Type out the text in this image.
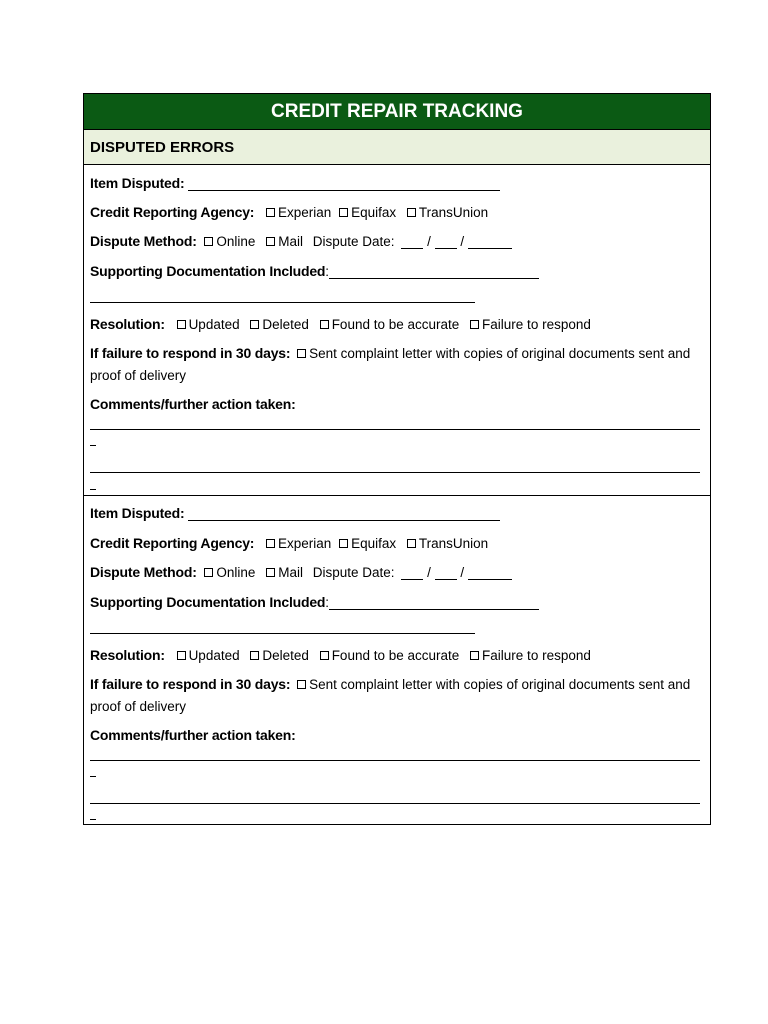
CREDIT REPAIR TRACKING
DISPUTED ERRORS
Item Disputed:
Credit Reporting Agency: Experian Equifax TransUnion
Dispute Method: Online Mail Dispute Date: / /
Supporting Documentation Included:
Resolution: Updated Deleted Found to be accurate Failure to respond
If failure to respond in 30 days: Sent complaint letter with copies of original documents sent and proof of delivery
Comments/further action taken:
Item Disputed:
Credit Reporting Agency: Experian Equifax TransUnion
Dispute Method: Online Mail Dispute Date: / /
Supporting Documentation Included:
Resolution: Updated Deleted Found to be accurate Failure to respond
If failure to respond in 30 days: Sent complaint letter with copies of original documents sent and proof of delivery
Comments/further action taken:
